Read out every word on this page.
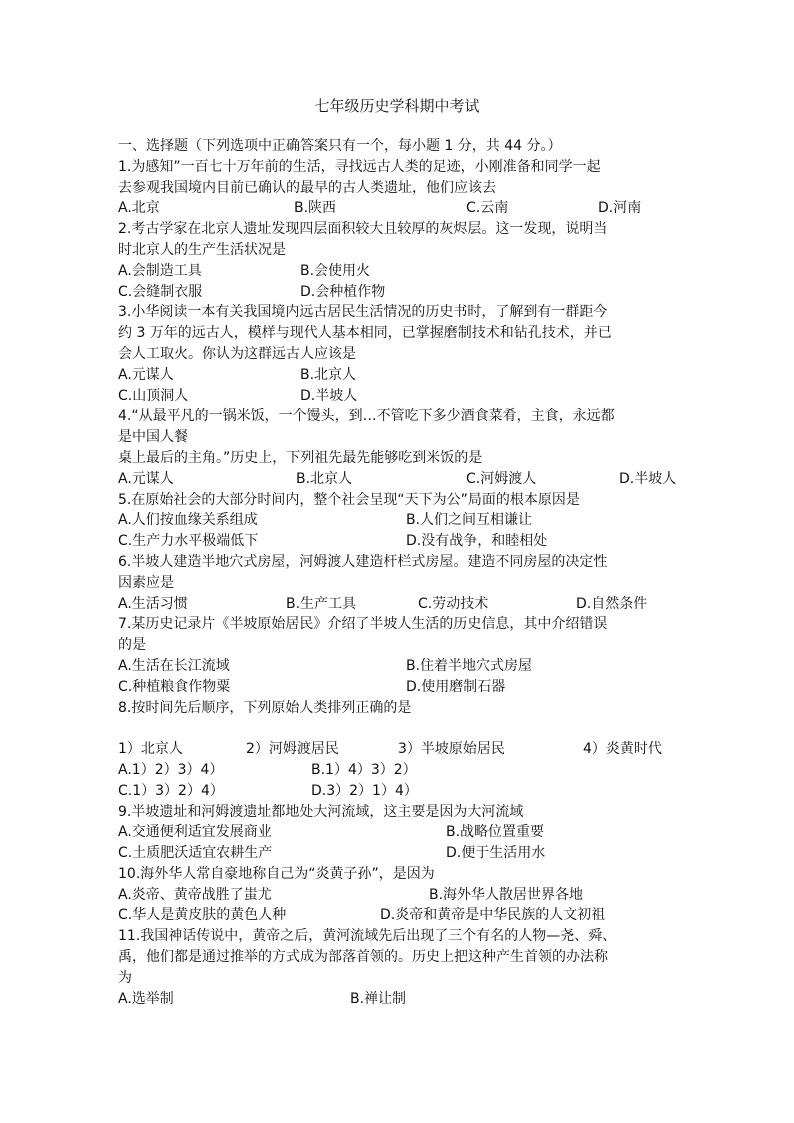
七年级历史学科期中考试
一、选择题（下列选项中正确答案只有一个，每小题 1 分，共 44 分。）
1.为感知”一百七十万年前的生活，寻找远古人类的足迹，小刚准备和同学一起
去参观我国境内目前已确认的最早的古人类遗址，他们应该去
A.北京	B.陕西	C.云南	D.河南
2.考古学家在北京人遗址发现四层面积较大且较厚的灰烬层。这一发现，说明当
时北京人的生产生活状况是
A.会制造工具	B.会使用火
C.会缝制衣服	D.会种植作物
3.小华阅读一本有关我国境内远古居民生活情况的历史书时，了解到有一群距今
约 3 万年的远古人，模样与现代人基本相同，已掌握磨制技术和钻孔技术，并已
会人工取火。你认为这群远古人应该是
A.元谋人	B.北京人
C.山顶洞人	D.半坡人
4.“从最平凡的一锅米饭，一个馒头，到…不管吃下多少酒食菜肴，主食，永远都
是中国人餐
桌上最后的主角。”历史上，下列祖先最先能够吃到米饭的是
A.元谋人	B.北京人	C.河姆渡人	D.半坡人
5.在原始社会的大部分时间内，整个社会呈现“天下为公”局面的根本原因是
A.人们按血缘关系组成	B.人们之间互相谦让
C.生产力水平极端低下	D.没有战争，和睦相处
6.半坡人建造半地穴式房屋，河姆渡人建造杆栏式房屋。建造不同房屋的决定性
因素应是
A.生活习惯	B.生产工具	C.劳动技术	D.自然条件
7.某历史记录片《半坡原始居民》介绍了半坡人生活的历史信息，其中介绍错误
的是
A.生活在长江流域	B.住着半地穴式房屋
C.种植粮食作物粟	D.使用磨制石器
8.按时间先后顺序，下列原始人类排列正确的是
1）北京人	2）河姆渡居民	3）半坡原始居民	4）炎黄时代
A.1）2）3）4）	B.1）4）3）2）
C.1）3）2）4）	D.3）2）1）4）
9.半坡遗址和河姆渡遗址都地处大河流域，这主要是因为大河流域
A.交通便利适宜发展商业	B.战略位置重要
C.土质肥沃适宜农耕生产	D.便于生活用水
10.海外华人常自豪地称自己为“炎黄子孙”，是因为
A.炎帝、黄帝战胜了蚩尤	B.海外华人散居世界各地
C.华人是黄皮肤的黄色人种	D.炎帝和黄帝是中华民族的人文初祖
11.我国神话传说中，黄帝之后，黄河流域先后出现了三个有名的人物—尧、舜、
禹，他们都是通过推举的方式成为部落首领的。历史上把这种产生首领的办法称
为
A.选举制	B.禅让制
